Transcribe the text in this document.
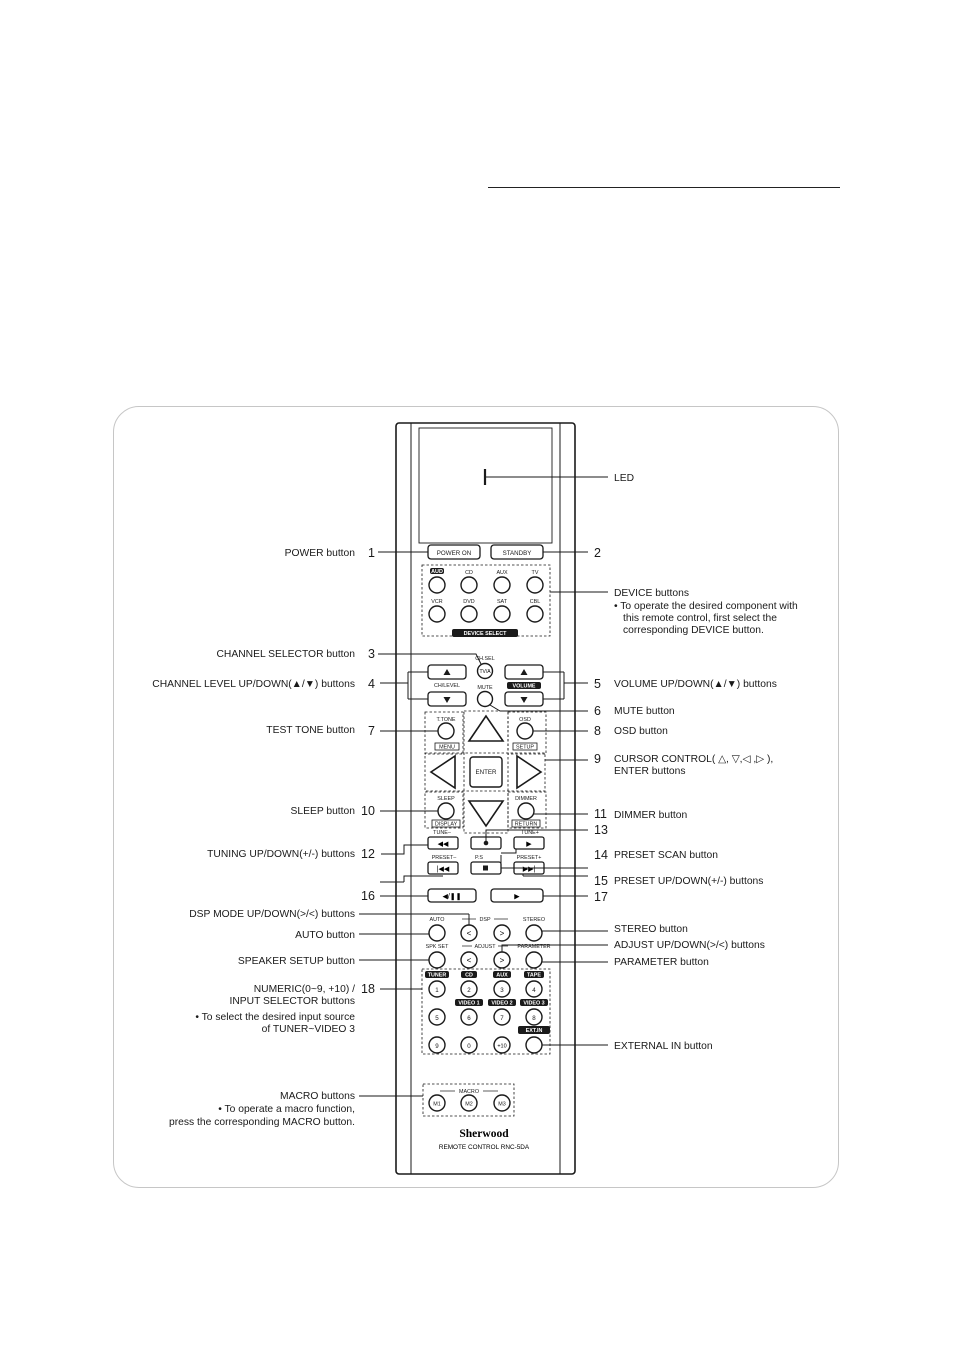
POWER ON	STANDBY
AUD	CD	AUX	TV
VCR	DVD	SAT	CBL
DEVICE SELECT
CH.SEL
TV/A
CH/LEVEL	VOLUME
MUTE
T.TONE
MENU
OSD
SETUP
ENTER
SLEEP
DISPLAY
DIMMER
RETURN
TUNE–	TUNE+
◀◀	▶
PRESET–	P.S	PRESET+
|◀◀	▶▶|
◀/❚❚	▶
AUTO	DSP
<	>
STEREO
SPK SET	ADJUST
<	>
PARAMETER
TUNER	CD	AUX	TAPE
1	2	3	4
VIDEO 1 VIDEO 2 VIDEO 3
5	6	7	8
EXT.IN
9	0	+10
MACRO
M1	M2	M3
Sherwood
REMOTE CONTROL RNC-5DA
LED
POWER button 1	2
DEVICE buttons
• To operate the desired component with
this remote control, first select the
corresponding DEVICE button.
CHANNEL SELECTOR button 3
CHANNEL LEVEL UP/DOWN(▲/▼) buttons 4	5 VOLUME UP/DOWN(▲/▼) buttons
6 MUTE button
TEST TONE button 7	8 OSD button
9 CURSOR CONTROL( △, ▽,◁ ,▷ ),
ENTER buttons
SLEEP button 10	11 DIMMER button
13
TUNING UP/DOWN(+/-) buttons 12	14 PRESET SCAN button
15 PRESET UP/DOWN(+/-) buttons
16	17
DSP MODE UP/DOWN(>/<) buttons
STEREO button
AUTO button
ADJUST UP/DOWN(>/<) buttons
SPEAKER SETUP button	PARAMETER button
NUMERIC(0~9, +10) / 18
INPUT SELECTOR buttons
• To select the desired input source
of TUNER~VIDEO 3
EXTERNAL IN button
MACRO buttons
• To operate a macro function,
press the corresponding MACRO button.
